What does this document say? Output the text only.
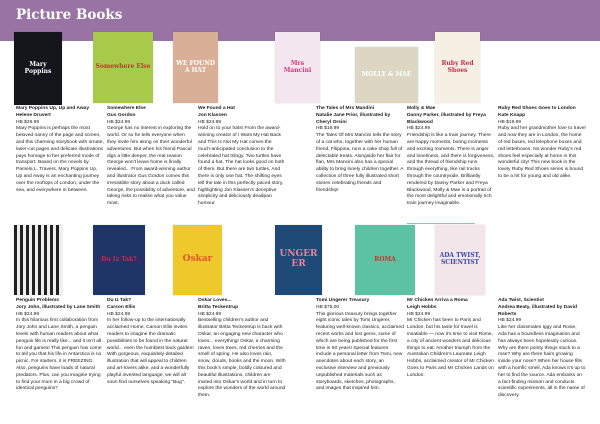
Picture Books
Mary Poppins
Mary Poppins Up, Up and Away
Helene Druvert
HB $26.99
Mary Poppins is perhaps the most beloved nanny of the page and screen, and this charming storybook with ornate, laser-cut pages and delicate illustrations pays homage to her preferred mode of transport. Based on the novels by Pamela L. Travers, Mary Poppins Up, Up and Away is an enchanting journey over the rooftops of London, under the sea, and everywhere in between.
Somewhere Else
Somewhere Else
Gus Gordon
HB $24.99
George has no interest in exploring the world. Or so he tells everyone when they invite him along on their wonderful adventures. But when his friend Pascal digs a little deeper, the real reason George won't leave home is finally revealed... From award-winning author and illustrator Gus Gordon comes this irresistible story about a duck called George, the possibility of adventure, and taking risks to realise what you value most.
WE FOUND A HAT
We Found a Hat
Jon Klassen
HB $24.99
Hold on to your hats! From the award-winning creator of I Want My Hat Back and This Is Not My Hat comes the much-anticipated conclusion to the celebrated hat trilogy. Two turtles have found a hat. The hat looks good on both of them. But there are two turtles. And there is only one hat. The shifting eyes tell the tale in this perfectly paced story, highlighting Jon Klassen's deceptive simplicity and deliciously deadpan humour.
Mrs Mancini
The Tales of Mrs Mandini
Natalie Jane Prior, illustrated by Cheryl Orsini
HB $19.99
The Tales Of Mrs Mancini tells the story of a cat who, together with her human friend, Filippina, runs a cake shop full of delectable treats. Alongside her flair for flan, Mrs Mancini also has a special ability to bring lonely children together. A collection of three fully illustrated short stories celebrating friends and friendship!
MOLLY & MAE
Molly & Mae
Danny Parker, illustrated by Freya Blackwood
HB $24.99
Friendship is like a train journey. There are happy moments, boring moments and exciting moments. There is anger and loneliness, and there is forgiveness, and the thread of friendship runs through everything, like rail tracks through the countryside. Brilliantly rendered by Danny Parker and Freya Blackwood, Molly & Mae is a portrait of the most delightful and emotionally rich train journey imaginable.
Ruby Red Shoes
Ruby Red Shoes Goes to London
Kate Knapp
HB $19.99
Ruby and her grandmother love to travel and now they are in London, the home of red buses, red telephone boxes and red letterboxes. No wonder Ruby's red shoes feel especially at home in this wonderful city! This new book in the lovely Ruby Red Shoes series is bound to be a hit for young and old alike.
Penguin Problems
Jory John, illustrated by Lane Smith
HB $24.99
In this hilarious first collaboration from Jory John and Lane Smith, a penguin levels with human readers about what penguin life is really like... and it isn't all fun and games! This penguin has come to tell you that his life in Antarctica is no picnic. For starters, it is FREEZING. Also, penguins have loads of natural predators. Plus, can you imagine trying to find your mum in a big crowd of identical penguins?
Du Iz Tak?
Du Iz Tak?
Carson Ellis
HB $24.99
In her follow-up to the internationally acclaimed Home, Carson Ellis invites readers to imagine the dramatic possibilities to be found in the natural world... even the humblest back garden! With gorgeous, exquisitely-detailed illustration that will appeal to children and art-lovers alike, and a wonderfully playful invented language, we will all soon find ourselves speaking "Bug".
Oskar
Oskar Loves...
Britta Teckentrup
HB $24.99
Bestselling children's author and illustrator Britta Teckentrup is back with Oskar, an engaging new character who loves... everything! Oskar, a charming raven, loves trees, red cherries and the smell of spring. He also loves rain, snow, clouds, books and the moon. With this book's simple, boldly coloured and beautiful illustrations, children are invited into Oskar's world and in turn to explore the wonders of the world around them.
UNGERER
Tomi Ungerer Treasury
HB $75.00
This glorious treasury brings together eight iconic tales by Tomi Ungerer, featuring well-known classics, acclaimed recent works and lost gems, some of which are being published for the first time in 50 years! Special features include a personal letter from Tomi, new anecdotes about each story, an exclusive interview and previously unpublished materials such as storyboards, sketches, photographs, and images that inspired him.
ROMA
Mr Chicken Arriva a Roma
Leigh Hobbs
HB $24.99
Mr Chicken has been to Paris and London, but his taste for travel is insatiable — now it's time to visit Rome, a city of ancient wonders and delicious things to eat. Another triumph from the Australian Children's Laureate Leigh Hobbs, acclaimed creator of Mr Chicken Goes to Paris and Mr Chicken Lands on London.
ADA TWIST, SCIENTIST
Ada Twist, Scientist
Andrea Beaty, illustrated by David Roberts
HB $24.99
Like her classmates Iggy and Rosie, Ada has a boundless imagination and has always been hopelessly curious. Why are there pointy things stuck to a rose? Why are there hairs growing inside your nose? When her house fills with a horrific smell, Ada knows it's up to her to find the source. Ada embarks on a fact-finding mission and conducts scientific experiments, all in the name of discovery.
